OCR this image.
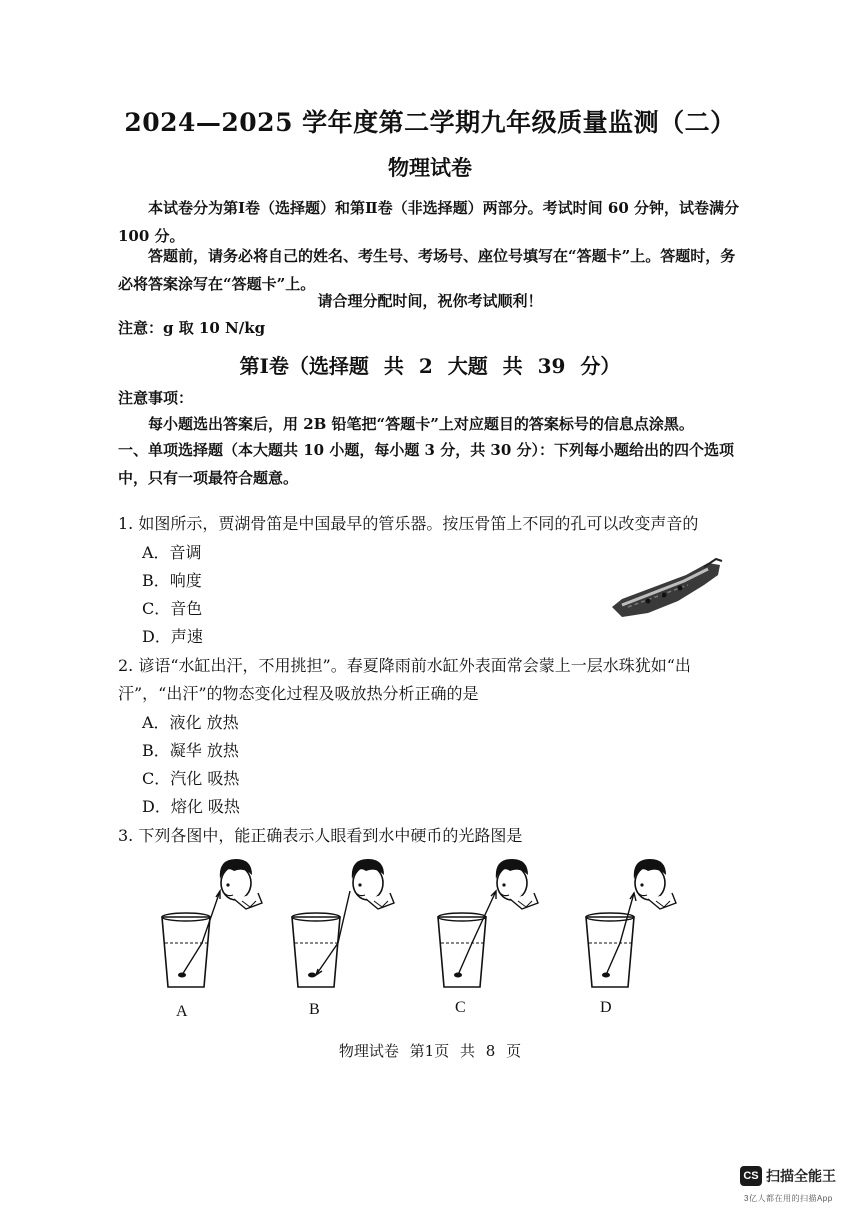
2024—2025 学年度第二学期九年级质量监测（二）
物理试卷
本试卷分为第Ⅰ卷（选择题）和第Ⅱ卷（非选择题）两部分。考试时间 60 分钟，试卷满分 100 分。
答题前，请务必将自己的姓名、考生号、考场号、座位号填写在“答题卡”上。答题时，务必将答案涂写在“答题卡”上。
请合理分配时间，祝你考试顺利！
注意：g 取 10 N/kg
第Ⅰ卷（选择题 共 2 大题 共 39 分）
注意事项：
每小题选出答案后，用 2B 铅笔把“答题卡”上对应题目的答案标号的信息点涂黑。
一、单项选择题（本大题共 10 小题，每小题 3 分，共 30 分）：下列每小题给出的四个选项中，只有一项最符合题意。
1. 如图所示，贾湖骨笛是中国最早的管乐器。按压骨笛上不同的孔可以改变声音的
A．音调
B．响度
C．音色
D．声速
2. 谚语“水缸出汗，不用挑担”。春夏降雨前水缸外表面常会蒙上一层水珠犹如“出汗”，“出汗”的物态变化过程及吸放热分析正确的是
A．液化 放热
B．凝华 放热
C．汽化 吸热
D．熔化 吸热
3. 下列各图中，能正确表示人眼看到水中硬币的光路图是
A	B	C	D
物理试卷 第1页 共 8 页
CS 扫描全能王
3亿人都在用的扫描App
